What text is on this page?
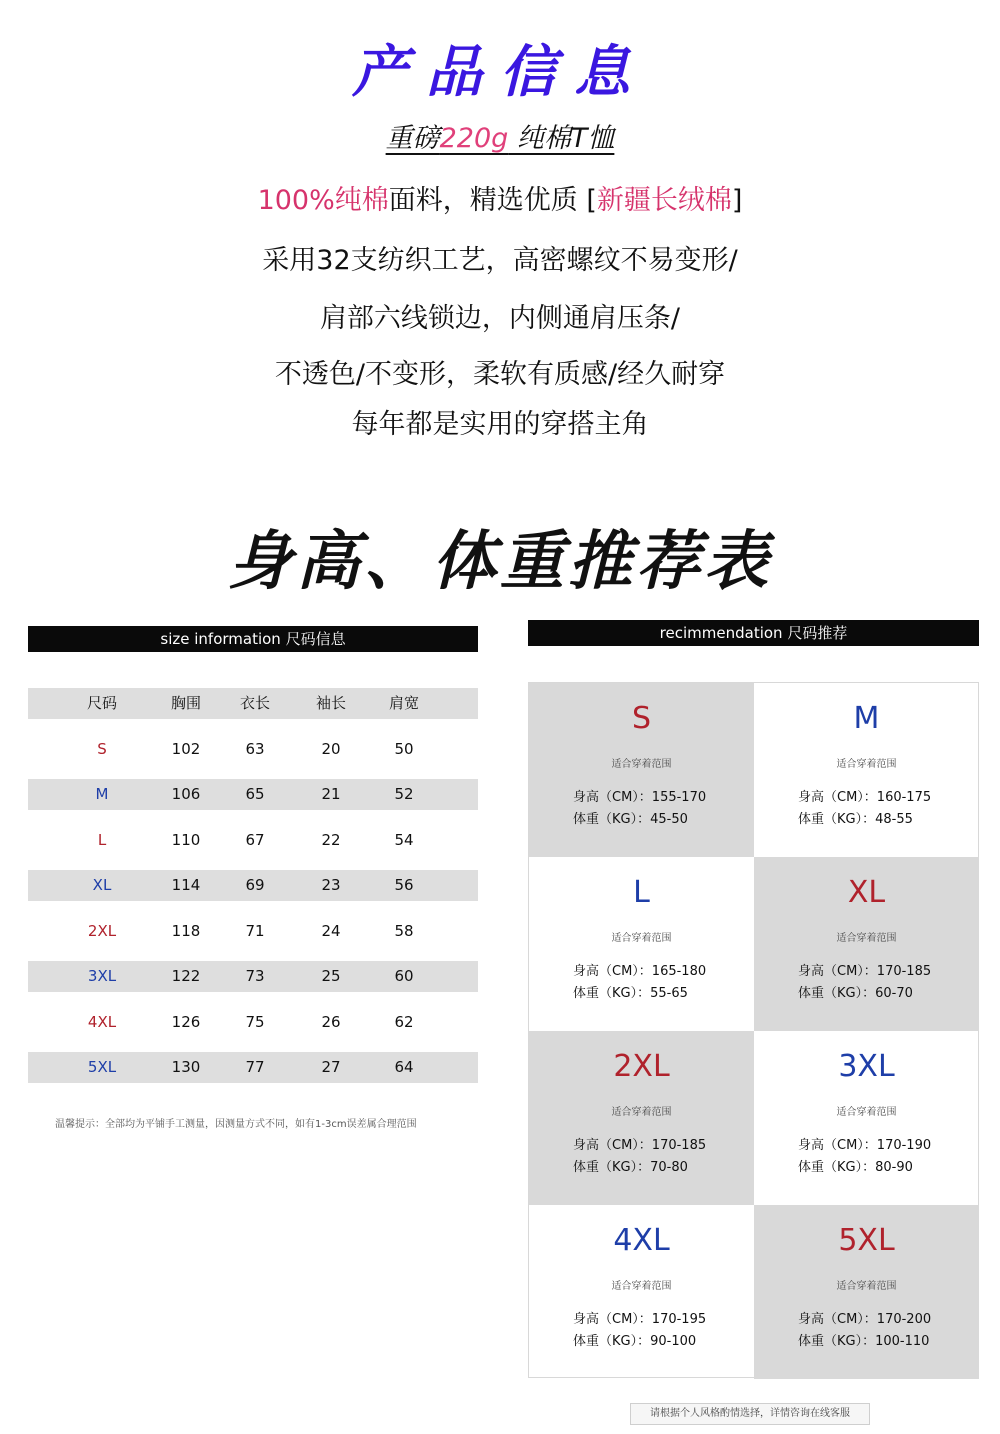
产品信息
重磅220g 纯棉T恤
100%纯棉面料，精选优质 [新疆长绒棉]
采用32支纺织工艺，高密螺纹不易变形/
肩部六线锁边，内侧通肩压条/
不透色/不变形，柔软有质感/经久耐穿
每年都是实用的穿搭主角
身高、体重推荐表
size information 尺码信息
尺码	胸围	衣长	袖长	肩宽
S	102	63	20	50
M	106	65	21	52
L	110	67	22	54
XL	114	69	23	56
2XL	118	71	24	58
3XL	122	73	25	60
4XL	126	75	26	62
5XL	130	77	27	64
温馨提示：全部均为平铺手工测量，因测量方式不同，如有1-3cm误差属合理范围
recimmendation 尺码推荐
S
适合穿着范围
身高（CM）：155-170
体重（KG）：45-50
M
适合穿着范围
身高（CM）：160-175
体重（KG）：48-55
L
适合穿着范围
身高（CM）：165-180
体重（KG）：55-65
XL
适合穿着范围
身高（CM）：170-185
体重（KG）：60-70
2XL
适合穿着范围
身高（CM）：170-185
体重（KG）：70-80
3XL
适合穿着范围
身高（CM）：170-190
体重（KG）：80-90
4XL
适合穿着范围
身高（CM）：170-195
体重（KG）：90-100
5XL
适合穿着范围
身高（CM）：170-200
体重（KG）：100-110
请根据个人风格酌情选择，详情咨询在线客服
